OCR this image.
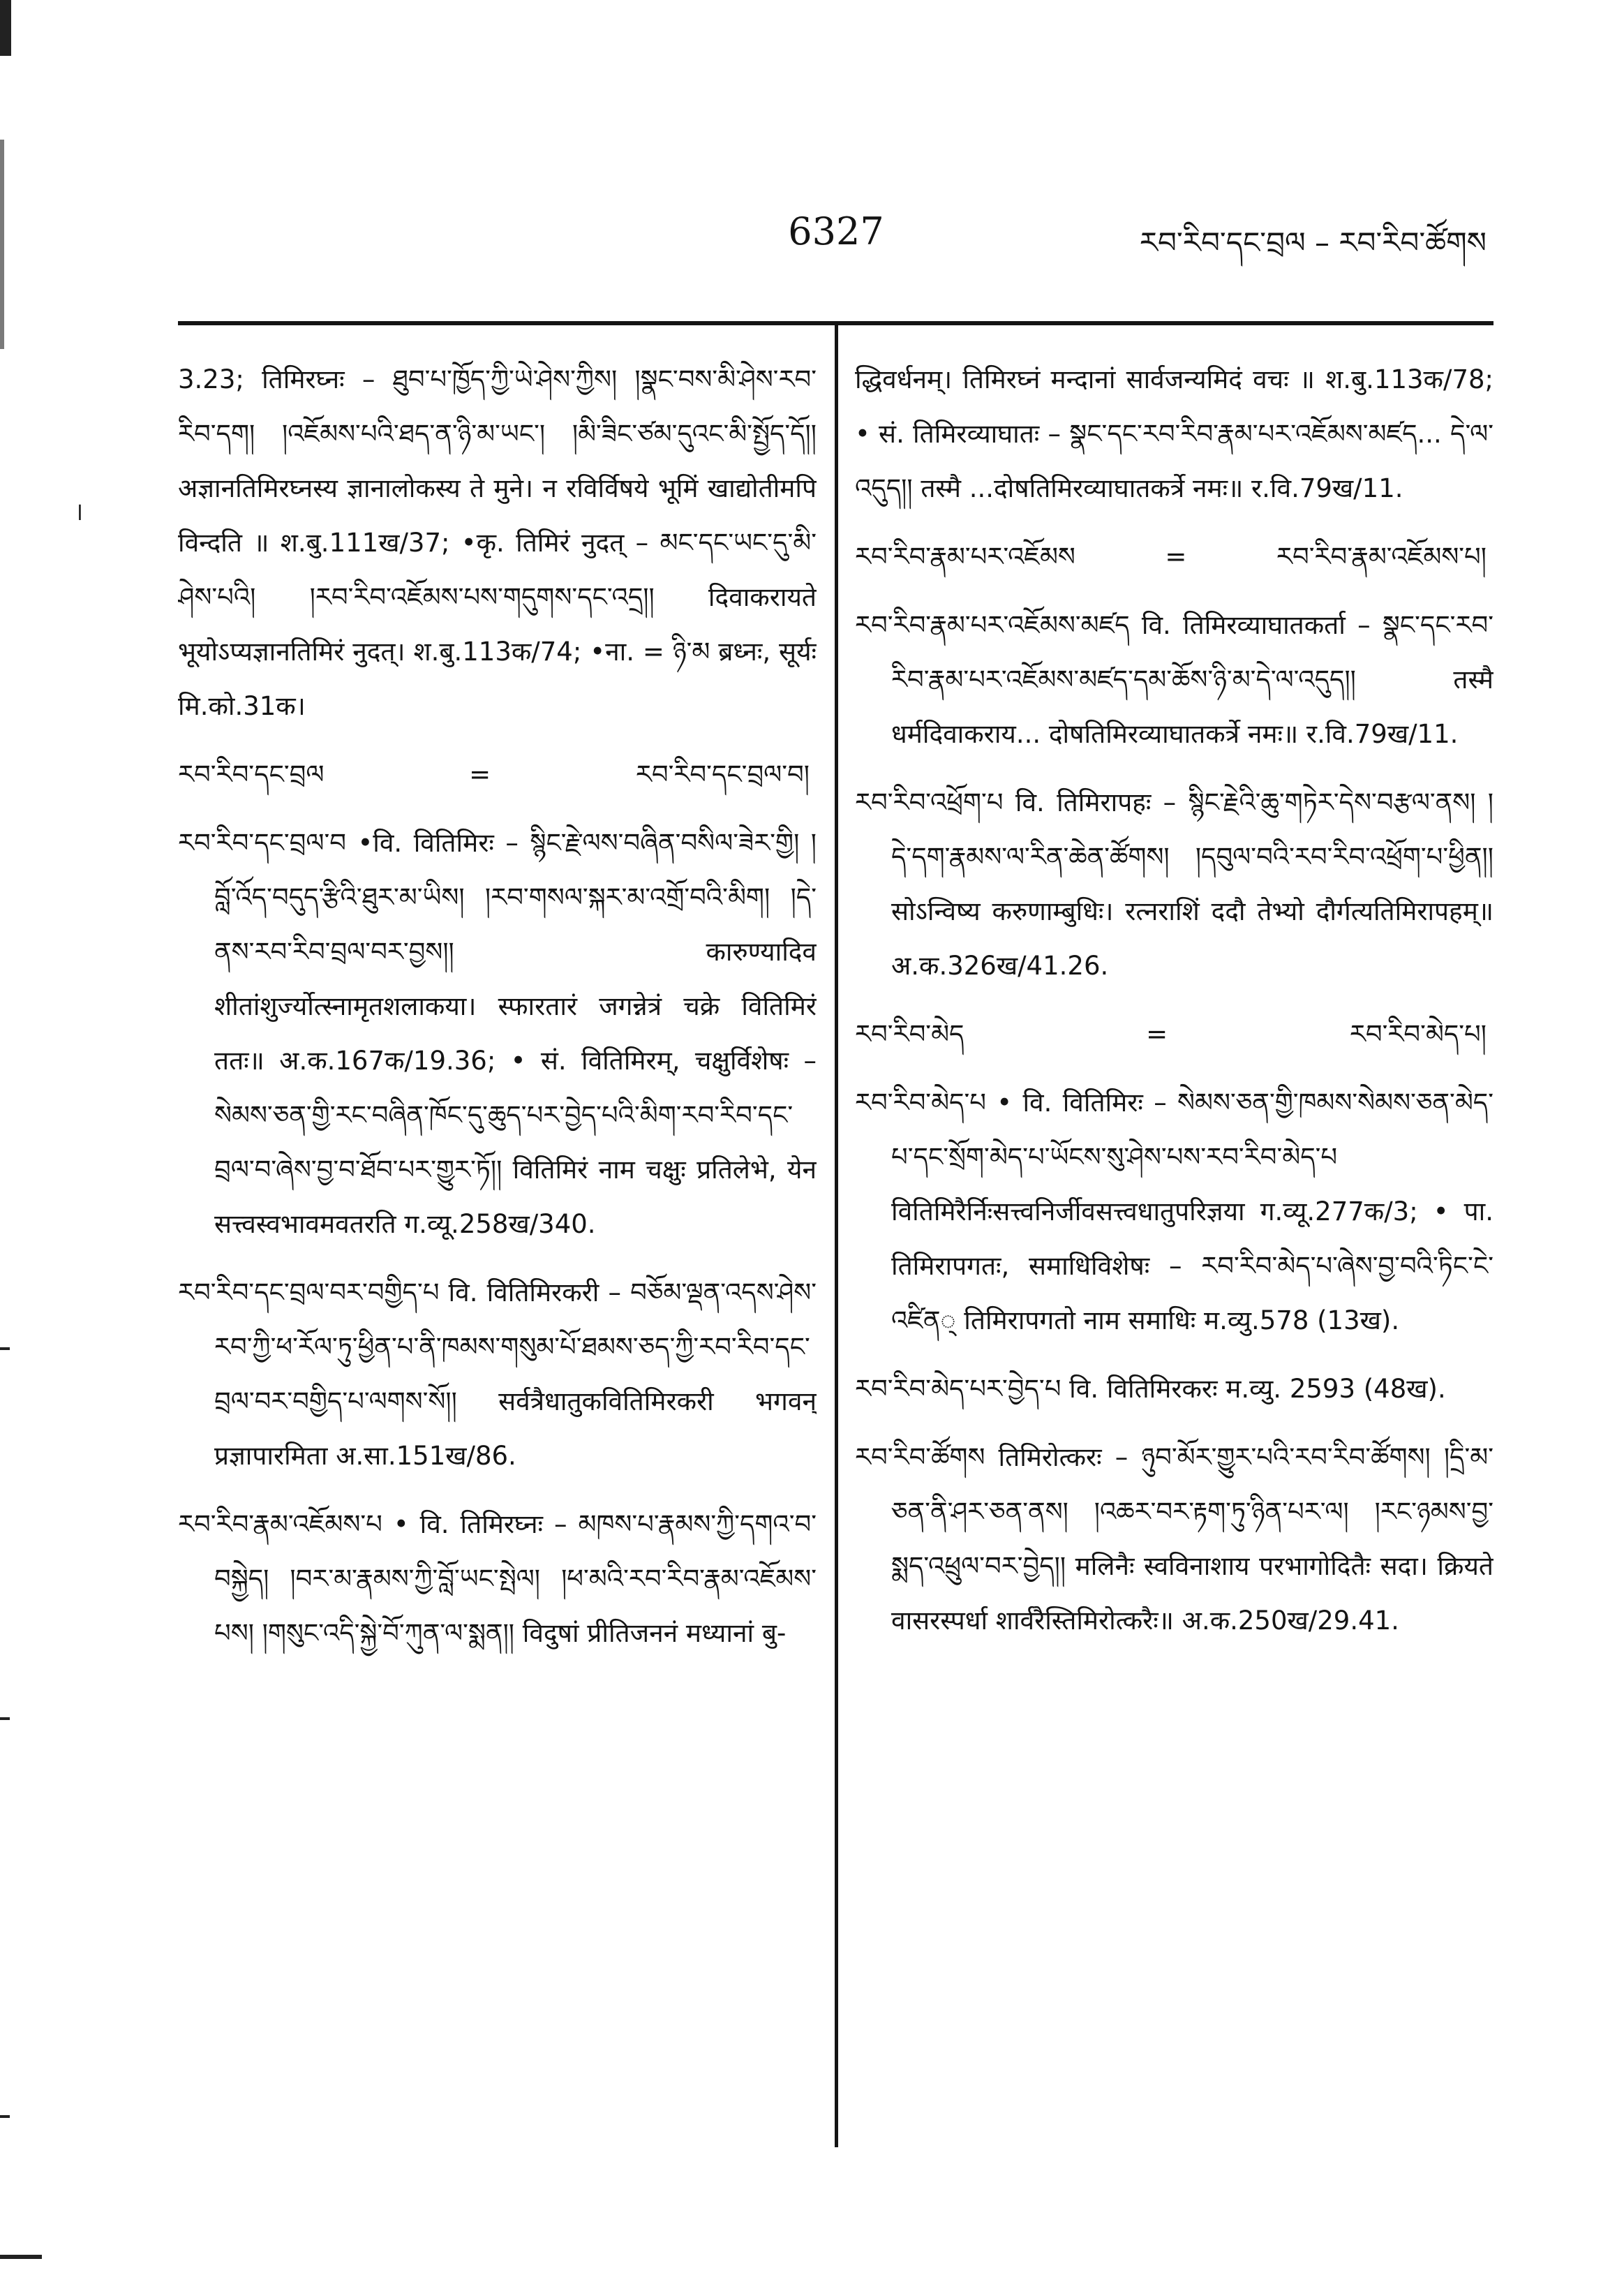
6327	རབ་རིབ་དང་བྲལ – རབ་རིབ་ཚོགས
׀

3.23; तिमिरघ्नः – ཐུབ་པ་ཁྱོད་ཀྱི་ཡེ་ཤེས་ཀྱིས། །སྣང་བས་མི་ཤེས་རབ་རིབ་དག། །འཇོམས་པའི་ཐད་ན་ཉི་མ་ཡང་། །མི་ཟིང་ཙམ་དུའང་མི་སྤྱོད་དོ།། अज्ञानतिमिरघ्नस्य ज्ञानालोकस्य ते मुने। न रविर्विषये भूमिं खाद्योतीमपि विन्दति ॥ श.बु.111ख/37; •कृ. तिमिरं नुदत् – མང་དང་ཡང་དུ་མི་ཤེས་པའི། །རབ་རིབ་འཇོམས་པས་གདུགས་དང་འདྲ།། दिवाकरायते भूयोऽप्यज्ञानतिमिरं नुदत्। श.बु.113क/74; •ना. = ཉི་མ ब्रध्नः, सूर्यः मि.को.31क।

རབ་རིབ་དང་བྲལ	=	རབ་རིབ་དང་བྲལ་བ།

རབ་རིབ་དང་བྲལ་བ •वि. वितिमिरः – སྙིང་རྗེ་ལས་བཞིན་བསིལ་ཟེར་གྱི། །བློ་འོད་བདུད་རྩིའི་ཐུར་མ་ཡིས། །རབ་གསལ་སྐར་མ་འགྲོ་བའི་མིག། །དེ་ནས་རབ་རིབ་བྲལ་བར་བྱས།། कारुण्यादिव शीतांशुर्ज्योत्स्नामृतशलाकया। स्फारतारं जगन्नेत्रं चक्रे वितिमिरं ततः॥ अ.क.167क/19.36; • सं. वितिमिरम्, चक्षुर्विशेषः – སེམས་ཅན་གྱི་རང་བཞིན་ཁོང་དུ་ཆུད་པར་བྱེད་པའི་མིག་རབ་རིབ་དང་བྲལ་བ་ཞེས་བྱ་བ་ཐོབ་པར་གྱུར་ཏོ།། वितिमिरं नाम चक्षुः प्रतिलेभे, येन सत्त्वस्वभावमवतरति ग.व्यू.258ख/340.

རབ་རིབ་དང་བྲལ་བར་བགྱིད་པ वि. वितिमिरकरी – བཅོམ་ལྡན་འདས་ཤེས་རབ་ཀྱི་ཕ་རོལ་ཏུ་ཕྱིན་པ་ནི་ཁམས་གསུམ་པོ་ཐམས་ཅད་ཀྱི་རབ་རིབ་དང་བྲལ་བར་བགྱིད་པ་ལགས་སོ།། सर्वत्रैधातुकवितिमिरकरी भगवन् प्रज्ञापारमिता अ.सा.151ख/86.

རབ་རིབ་རྣམ་འཇོམས་པ • वि. तिमिरघ्नः – མཁས་པ་རྣམས་ཀྱི་དགའ་བ་བསྐྱེད། །བར་མ་རྣམས་ཀྱི་བློ་ཡང་སྤེལ། །ཕ་མའི་རབ་རིབ་རྣམ་འཇོམས་པས། །གསུང་འདི་སྐྱེ་བོ་ཀུན་ལ་སྨན།། विदुषां प्रीतिजननं मध्यानां बु-

द्धिवर्धनम्। तिमिरघ्नं मन्दानां सार्वजन्यमिदं वचः ॥ श.बु.113क/78; • सं. तिमिरव्याघातः – སྣང་དང་རབ་རིབ་རྣམ་པར་འཇོམས་མཛད... དེ་ལ་འདུད།། तस्मै ...दोषतिमिरव्याघातकर्त्रे नमः॥ र.वि.79ख/11.

རབ་རིབ་རྣམ་པར་འཇོམས	=	རབ་རིབ་རྣམ་འཇོམས་པ།

རབ་རིབ་རྣམ་པར་འཇོམས་མཛད वि. तिमिरव्याघातकर्ता – སྣང་དང་རབ་རིབ་རྣམ་པར་འཇོམས་མཛད་དམ་ཆོས་ཉི་མ་དེ་ལ་འདུད།། तस्मै धर्मदिवाकराय... दोषतिमिरव्याघातकर्त्रे नमः॥ र.वि.79ख/11.

རབ་རིབ་འཕྲོག་པ वि. तिमिरापहः – སྙིང་རྗེའི་ཆུ་གཏེར་དེས་བརྩལ་ནས། །དེ་དག་རྣམས་ལ་རིན་ཆེན་ཚོགས། །དབུལ་བའི་རབ་རིབ་འཕྲོག་པ་ཕྱིན།། सोऽन्विष्य करुणाम्बुधिः। रत्नराशिं ददौ तेभ्यो दौर्गत्यतिमिरापहम्॥ अ.क.326ख/41.26.

རབ་རིབ་མེད	=	རབ་རིབ་མེད་པ།

རབ་རིབ་མེད་པ • वि. वितिमिरः – སེམས་ཅན་གྱི་ཁམས་སེམས་ཅན་མེད་པ་དང་སྲོག་མེད་པ་ཡོངས་སུ་ཤེས་པས་རབ་རིབ་མེད་པ वितिमिरैर्निःसत्त्वनिर्जीवसत्त्वधातुपरिज्ञया ग.व्यू.277क/3; • पा. तिमिरापगतः, समाधिविशेषः – རབ་རིབ་མེད་པ་ཞེས་བྱ་བའི་ཏིང་ངེ་འཛིན् तिमिरापगतो नाम समाधिः म.व्यु.578 (13ख).

རབ་རིབ་མེད་པར་བྱེད་པ वि. वितिमिरकरः म.व्यु. 2593 (48ख).

རབ་རིབ་ཚོགས तिमिरोत्करः – ཉུབ་མོར་གྱུར་པའི་རབ་རིབ་ཚོགས། །དྲི་མ་ཅན་ནི་ཤར་ཅན་ནས། །འཆར་བར་རྟག་ཏུ་ཉིན་པར་ལ། །རང་ཉམས་བྱ་སྨད་འཕྲུལ་བར་བྱེད།། मलिनैः स्वविनाशाय परभागोदितैः सदा। क्रियते वासरस्पर्धा शार्वरैस्तिमिरोत्करैः॥ अ.क.250ख/29.41.
